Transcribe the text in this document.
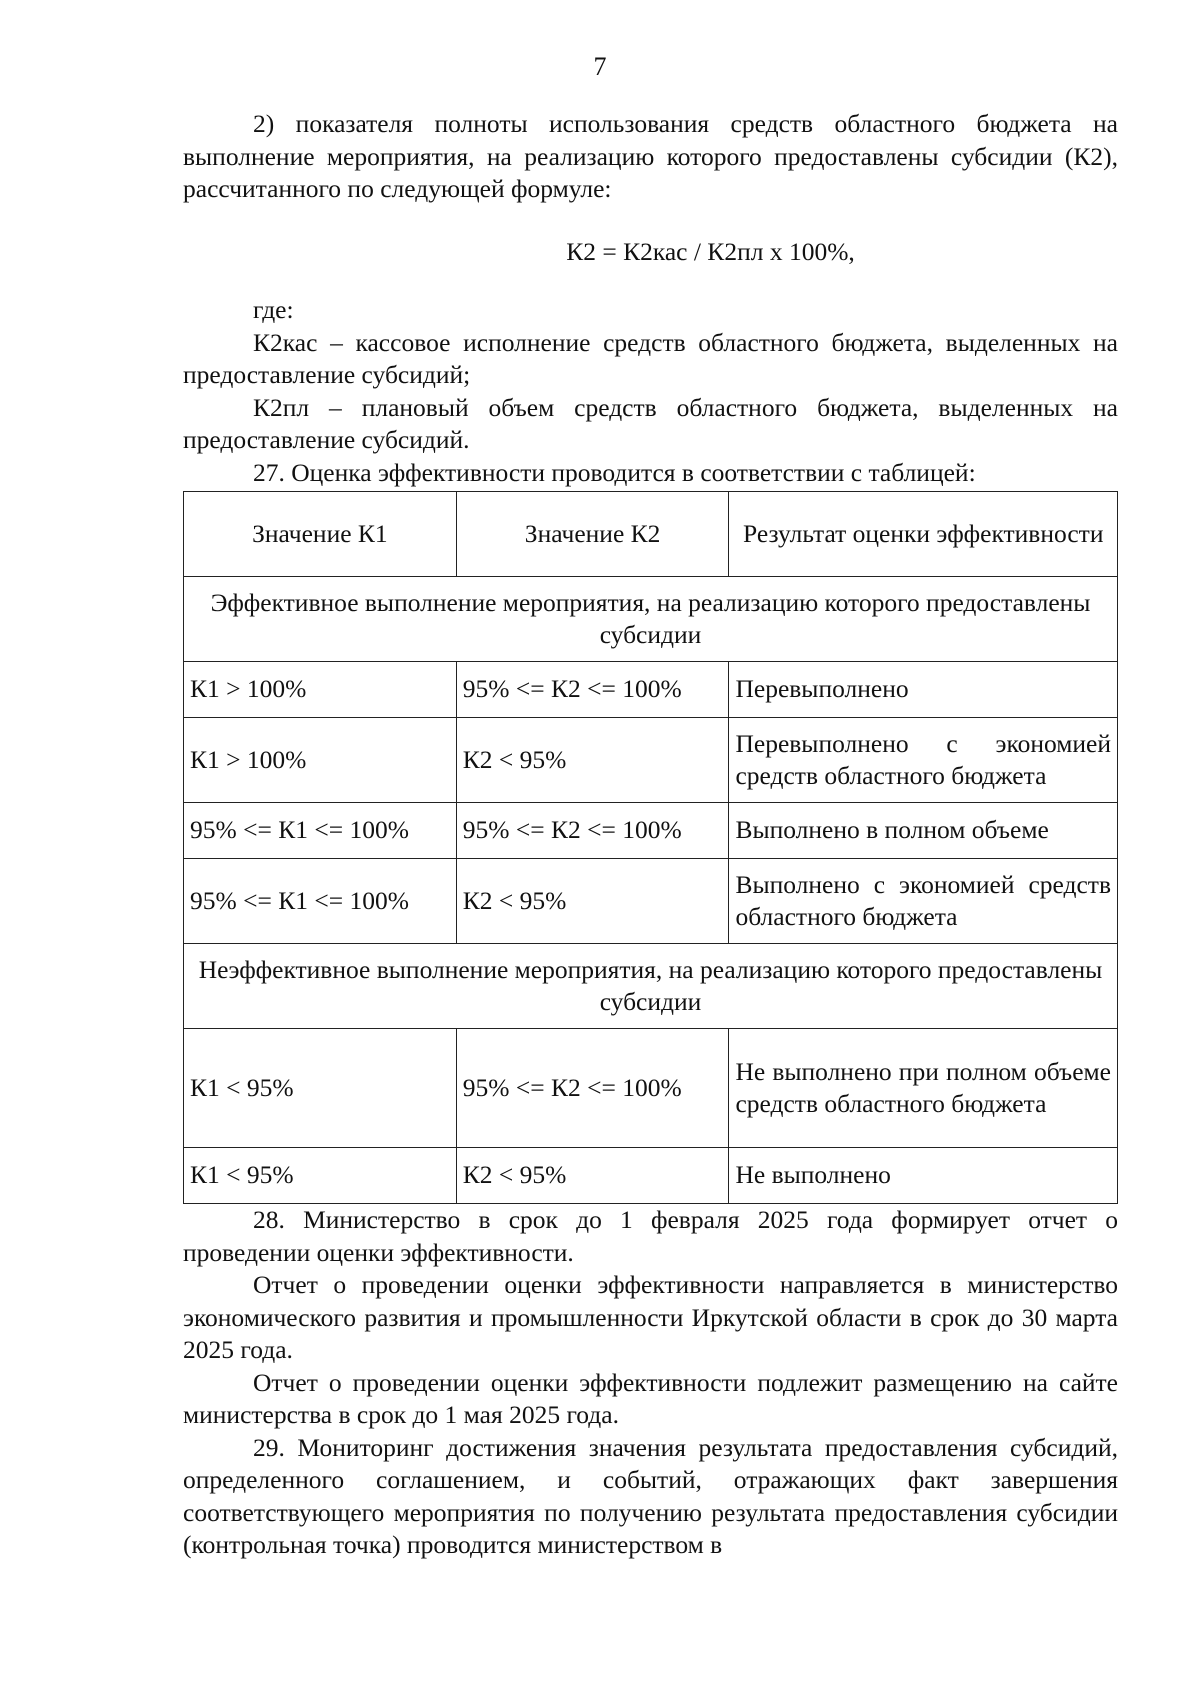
7

2) показателя полноты использования средств областного бюджета на выполнение мероприятия, на реализацию которого предоставлены субсидии (К2), рассчитанного по следующей формуле:

К2 = К2кас / К2пл х 100%,

где:

К2кас – кассовое исполнение средств областного бюджета, выделенных на предоставление субсидий;

К2пл – плановый объем средств областного бюджета, выделенных на предоставление субсидий.

27. Оценка эффективности проводится в соответствии с таблицей:

Значение К1	Значение К2	Результат оценки эффективности
Эффективное выполнение мероприятия, на реализацию которого предоставлены субсидии		
К1 > 100%	95% <= К2 <= 100%	Перевыполнено
К1 > 100%	К2 < 95%	Перевыполнено с экономией средств областного бюджета
95% <= К1 <= 100%	95% <= К2 <= 100%	Выполнено в полном объеме
95% <= К1 <= 100%	К2 < 95%	Выполнено с экономией средств областного бюджета
Неэффективное выполнение мероприятия, на реализацию которого предоставлены субсидии		
К1 < 95%	95% <= К2 <= 100%	Не выполнено при полном объеме средств областного бюджета
К1 < 95%	К2 < 95%	Не выполнено

28. Министерство в срок до 1 февраля 2025 года формирует отчет о проведении оценки эффективности.

Отчет о проведении оценки эффективности направляется в министерство экономического развития и промышленности Иркутской области в срок до 30 марта 2025 года.

Отчет о проведении оценки эффективности подлежит размещению на сайте министерства в срок до 1 мая 2025 года.

29. Мониторинг достижения значения результата предоставления субсидий, определенного соглашением, и событий, отражающих факт завершения соответствующего мероприятия по получению результата предоставления субсидии (контрольная точка) проводится министерством в
